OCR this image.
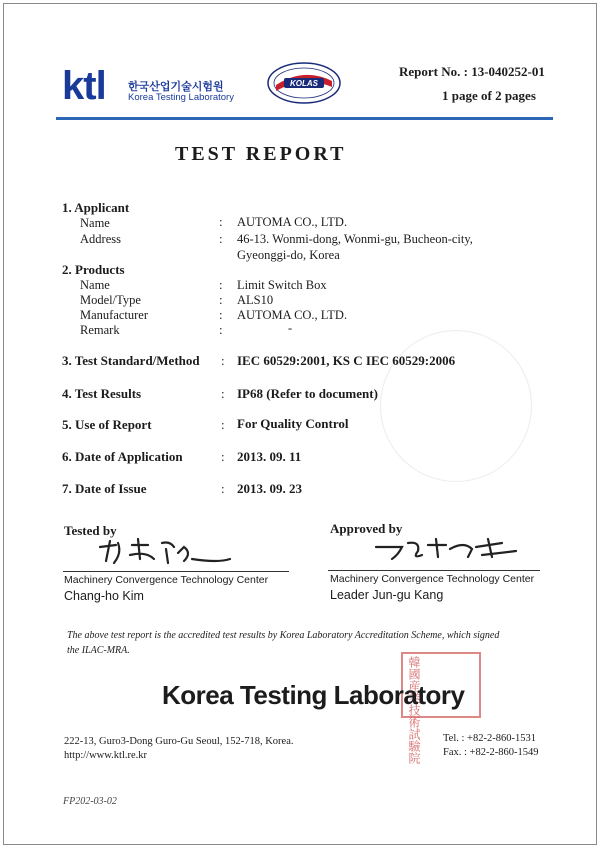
ktl 한국산업기술시험원
Korea Testing Laboratory
KOLAS
Report No. : 13-040252-01
1 page of 2 pages
TEST REPORT
1. Applicant
Name	: AUTOMA CO., LTD.
Address	: 46-13. Wonmi-dong, Wonmi-gu, Bucheon-city,
Gyeonggi-do, Korea
2. Products
Name	: Limit Switch Box
Model/Type	: ALS10
Manufacturer	: AUTOMA CO., LTD.
Remark	:	-
3. Test Standard/Method : IEC 60529:2001, KS C IEC 60529:2006
4. Test Results	: IP68 (Refer to document)
5. Use of Report	: For Quality Control
6. Date of Application	: 2013. 09. 11
7. Date of Issue	: 2013. 09. 23
Tested by
Machinery Convergence Technology Center
Chang-ho Kim
Approved by
Machinery Convergence Technology Center
Leader Jun-gu Kang
The above test report is the accredited test results by Korea Laboratory Accreditation Scheme, which signed
the ILAC-MRA.
韓國産業技術試驗院
Korea Testing Laboratory
222-13, Guro3-Dong Guro-Gu Seoul, 152-718, Korea.
http://www.ktl.re.kr
Tel. : +82-2-860-1531
Fax. : +82-2-860-1549
FP202-03-02
